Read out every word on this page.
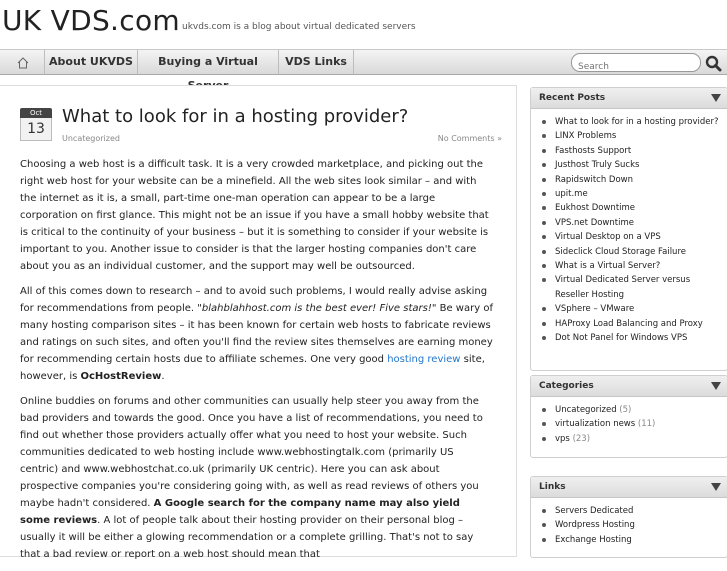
UK VDS.com ukvds.com is a blog about virtual dedicated servers
About UKVDS	Buying a Virtual	VDS Links
Search
Oct
13
What to look for in a hosting provider?
Uncategorized	No Comments »

Choosing a web host is a difficult task. It is a very crowded marketplace, and picking out the right web host for your website can be a minefield. All the web sites look similar – and with the internet as it is, a small, part-time one-man operation can appear to be a large corporation on first glance. This might not be an issue if you have a small hobby website that is critical to the continuity of your business – but it is something to consider if your website is important to you. Another issue to consider is that the larger hosting companies don't care about you as an individual customer, and the support may well be outsourced.

All of this comes down to research – and to avoid such problems, I would really advise asking for recommendations from people. "blahblahhost.com is the best ever! Five stars!" Be wary of many hosting comparison sites – it has been known for certain web hosts to fabricate reviews and ratings on such sites, and often you'll find the review sites themselves are earning money for recommending certain hosts due to affiliate schemes. One very good hosting review site, however, is OcHostReview.

Online buddies on forums and other communities can usually help steer you away from the bad providers and towards the good. Once you have a list of recommendations, you need to find out whether those providers actually offer what you need to host your website. Such communities dedicated to web hosting include www.webhostingtalk.com (primarily US centric) and www.webhostchat.co.uk (primarily UK centric). Here you can ask about prospective companies you're considering going with, as well as read reviews of others you maybe hadn't considered. A Google search for the company name may also yield some reviews. A lot of people talk about their hosting provider on their personal blog – usually it will be either a glowing recommendation or a complete grilling. That's not to say that a bad review or report on a web host should mean that

Recent Posts
What to look for in a hosting provider?
LINX Problems
Fasthosts Support
Justhost Truly Sucks
Rapidswitch Down
upit.me
Eukhost Downtime
VPS.net Downtime
Virtual Desktop on a VPS
Sideclick Cloud Storage Failure
What is a Virtual Server?
Virtual Dedicated Server versus Reseller Hosting
VSphere – VMware
HAProxy Load Balancing and Proxy
Dot Not Panel for Windows VPS
Categories
Uncategorized (5)
virtualization news (11)
vps (23)
Links
Servers Dedicated
Wordpress Hosting
Exchange Hosting
